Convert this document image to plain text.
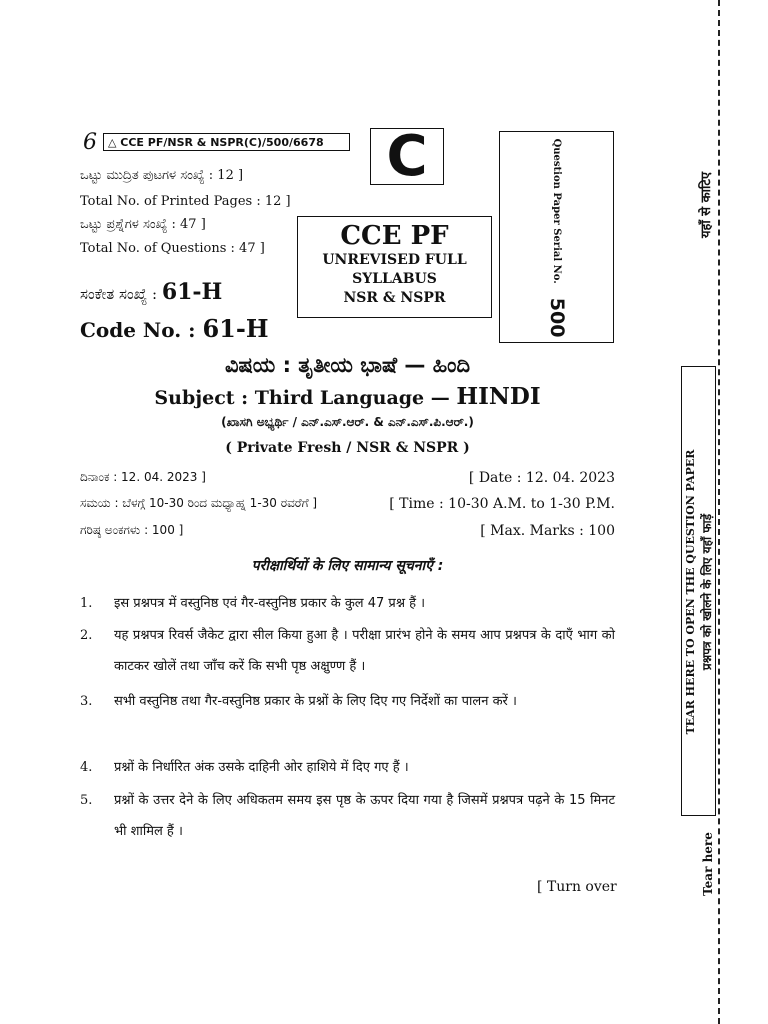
6	△ CCE PF/NSR & NSPR(C)/500/6678	C	Question Paper Serial No.
500
ಒಟ್ಟು ಮುದ್ರಿತ ಪುಟಗಳ ಸಂಖ್ಯೆ : 12 ]
Total No. of Printed Pages : 12 ]
ಒಟ್ಟು ಪ್ರಶ್ನೆಗಳ ಸಂಖ್ಯೆ : 47 ]
Total No. of Questions : 47 ]	CCE PF
UNREVISED FULL
SYLLABUS
NSR & NSPR
ಸಂಕೇತ ಸಂಖ್ಯೆ : 61-H
Code No. : 61-H
ವಿಷಯ : ತೃತೀಯ ಭಾಷೆ — ಹಿಂದಿ
Subject : Third Language — HINDI
(ಖಾಸಗಿ ಅಭ್ಯರ್ಥಿ / ಎನ್.ಎಸ್.ಆರ್. & ಎನ್.ಎಸ್.ಪಿ.ಆರ್.)
( Private Fresh / NSR & NSPR )
ದಿನಾಂಕ : 12. 04. 2023 ]	[ Date : 12. 04. 2023
ಸಮಯ : ಬೆಳಗ್ಗೆ 10-30 ರಿಂದ ಮಧ್ಯಾಹ್ನ 1-30 ರವರೆಗೆ ]	[ Time : 10-30 A.M. to 1-30 P.M.
ಗರಿಷ್ಠ ಅಂಕಗಳು : 100 ]	[ Max. Marks : 100
परीक्षार्थियों के लिए सामान्य सूचनाएँ :
1. इस प्रश्नपत्र में वस्तुनिष्ठ एवं गैर-वस्तुनिष्ठ प्रकार के कुल 47 प्रश्न हैं ।
2. यह प्रश्नपत्र रिवर्स जैकेट द्वारा सील किया हुआ है । परीक्षा प्रारंभ होने के समय आप प्रश्नपत्र के दाएँ भाग को काटकर खोलें तथा जाँच करें कि सभी पृष्ठ अक्षुण्ण हैं ।
3. सभी वस्तुनिष्ठ तथा गैर-वस्तुनिष्ठ प्रकार के प्रश्नों के लिए दिए गए निर्देशों का पालन करें ।
4. प्रश्नों के निर्धारित अंक उसके दाहिनी ओर हाशिये में दिए गए हैं ।
5. प्रश्नों के उत्तर देने के लिए अधिकतम समय इस पृष्ठ के ऊपर दिया गया है जिसमें प्रश्नपत्र पढ़ने के 15 मिनट भी शामिल हैं ।
[ Turn over
यहाँ से काटिए
TEAR HERE TO OPEN THE QUESTION PAPER प्रश्नपत्र को खोलने के लिए यहाँ फाड़ें
Tear here
